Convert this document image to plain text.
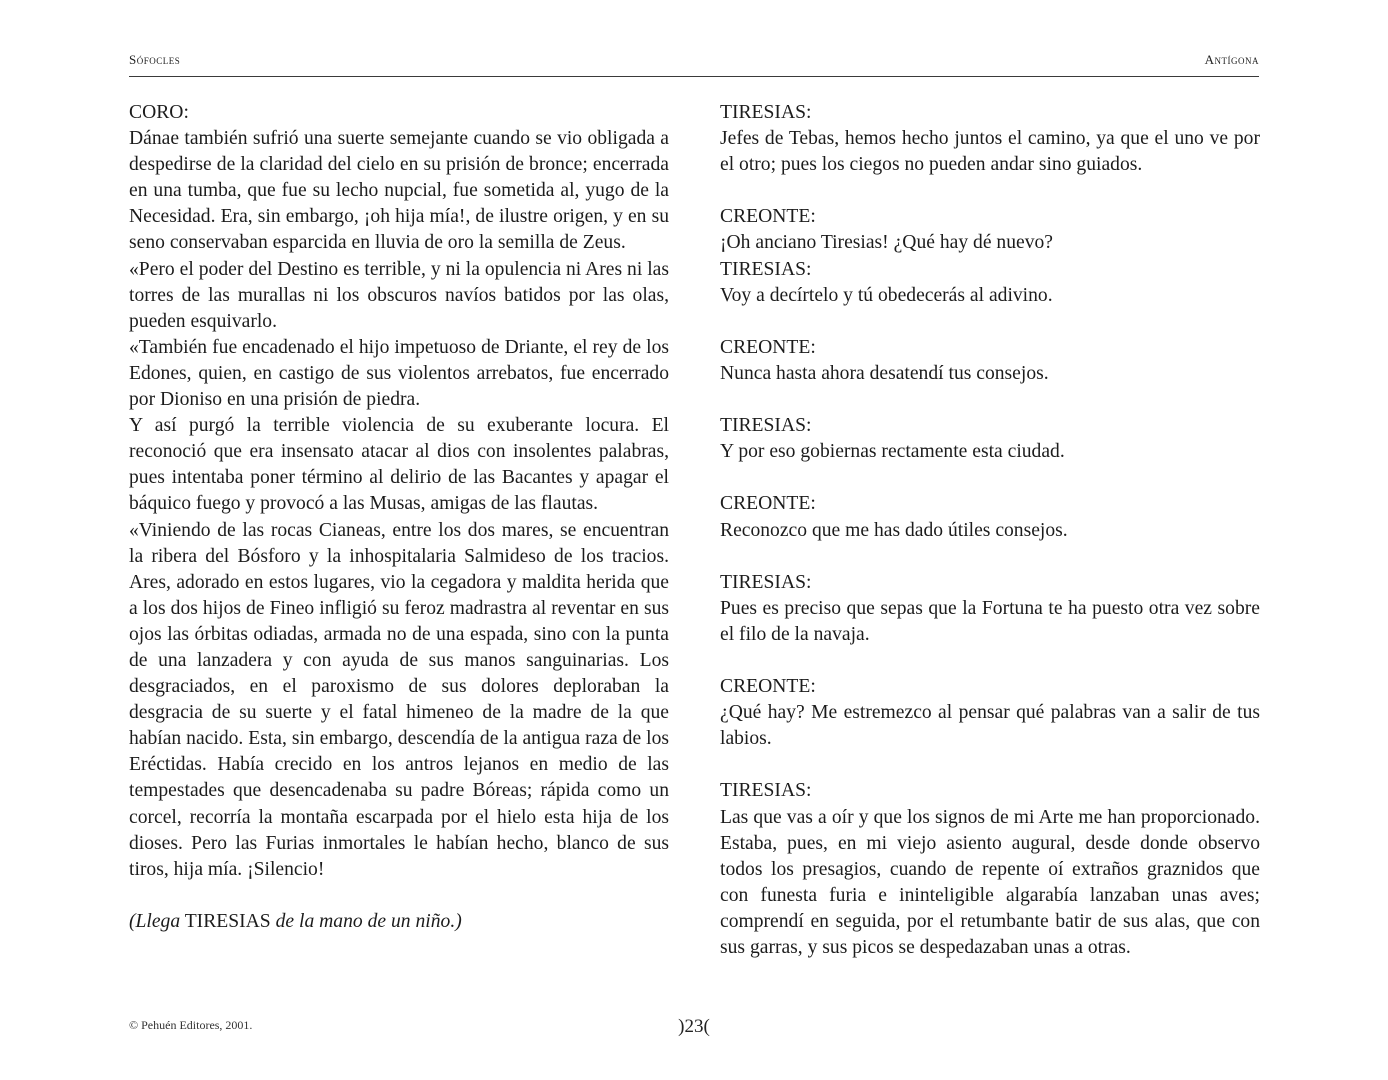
Sófocles	Antígona

CORO:

Dánae también sufrió una suerte semejante cuando se vio obligada a despedirse de la claridad del cielo en su prisión de bronce; encerrada en una tumba, que fue su lecho nupcial, fue sometida al, yugo de la Necesidad. Era, sin embargo, ¡oh hija mía!, de ilustre origen, y en su seno conservaban esparcida en lluvia de oro la semilla de Zeus.

«Pero el poder del Destino es terrible, y ni la opulencia ni Ares ni las torres de las murallas ni los obscuros navíos batidos por las olas, pueden esquivarlo.

«También fue encadenado el hijo impetuoso de Driante, el rey de los Edones, quien, en castigo de sus violentos arrebatos, fue encerrado por Dioniso en una prisión de piedra.

Y así purgó la terrible violencia de su exuberante locura. El reconoció que era insensato atacar al dios con insolentes palabras, pues intentaba poner término al delirio de las Bacantes y apagar el báquico fuego y provocó a las Musas, amigas de las flautas.

«Viniendo de las rocas Cianeas, entre los dos mares, se encuentran la ribera del Bósforo y la inhospitalaria Salmideso de los tracios. Ares, adorado en estos lugares, vio la cegadora y maldita herida que a los dos hijos de Fineo infligió su feroz madrastra al reventar en sus ojos las órbitas odiadas, armada no de una espada, sino con la punta de una lanzadera y con ayuda de sus manos sanguinarias. Los desgraciados, en el paroxismo de sus dolores deploraban la desgracia de su suerte y el fatal himeneo de la madre de la que habían nacido. Esta, sin embargo, descendía de la antigua raza de los Eréctidas. Había crecido en los antros lejanos en medio de las tempestades que desencadenaba su padre Bóreas; rápida como un corcel, recorría la montaña escarpada por el hielo esta hija de los dioses. Pero las Furias inmortales le habían hecho, blanco de sus tiros, hija mía. ¡Silencio!

(Llega TIRESIAS de la mano de un niño.)

TIRESIAS:

Jefes de Tebas, hemos hecho juntos el camino, ya que el uno ve por el otro; pues los ciegos no pueden andar sino guiados.

CREONTE:

¡Oh anciano Tiresias! ¿Qué hay dé nuevo?

TIRESIAS:

Voy a decírtelo y tú obedecerás al adivino.

CREONTE:

Nunca hasta ahora desatendí tus consejos.

TIRESIAS:

Y por eso gobiernas rectamente esta ciudad.

CREONTE:

Reconozco que me has dado útiles consejos.

TIRESIAS:

Pues es preciso que sepas que la Fortuna te ha puesto otra vez sobre el filo de la navaja.

CREONTE:

¿Qué hay? Me estremezco al pensar qué palabras van a salir de tus labios.

TIRESIAS:

Las que vas a oír y que los signos de mi Arte me han proporcionado. Estaba, pues, en mi viejo asiento augural, desde donde observo todos los presagios, cuando de repente oí extraños graznidos que con funesta furia e ininteligible algarabía lanzaban unas aves; comprendí en seguida, por el retumbante batir de sus alas, que con sus garras, y sus picos se despedazaban unas a otras.

© Pehuén Editores, 2001.	)23(
